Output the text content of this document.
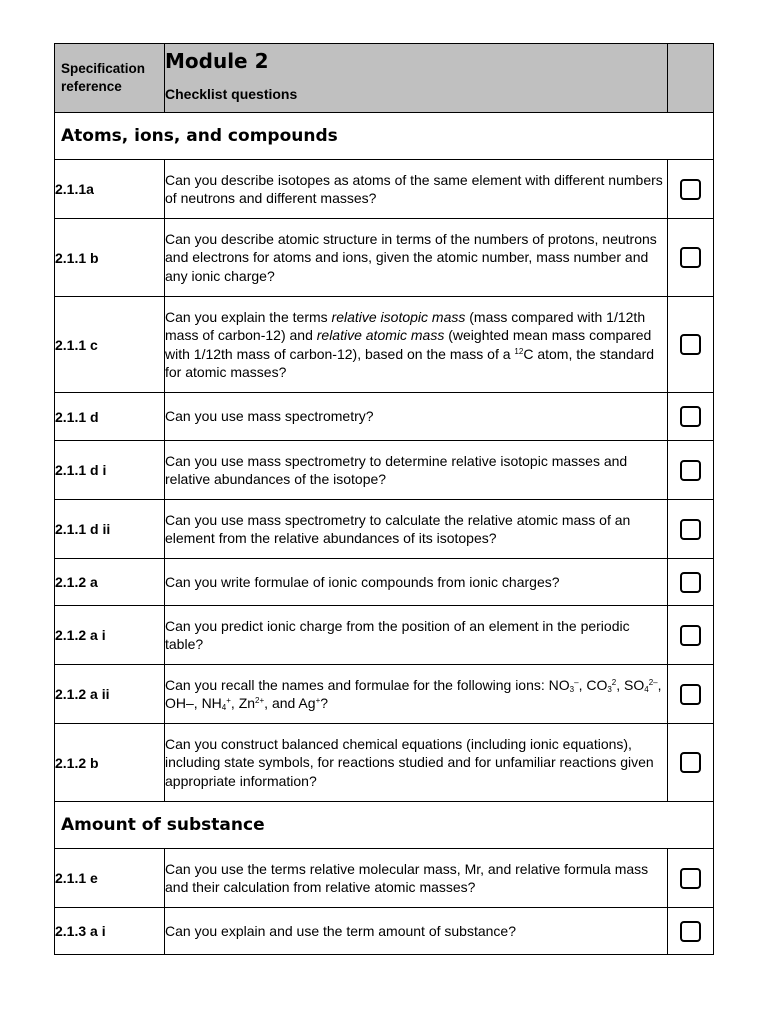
Specification reference	Module 2
Checklist questions	

Atoms, ions, and compounds		
2.1.1a	Can you describe isotopes as atoms of the same element with different numbers of neutrons and different masses?	
2.1.1 b	Can you describe atomic structure in terms of the numbers of protons, neutrons and electrons for atoms and ions, given the atomic number, mass number and any ionic charge?	
2.1.1 c	Can you explain the terms relative isotopic mass (mass compared with 1/12th mass of carbon-12) and relative atomic mass (weighted mean mass compared with 1/12th mass of carbon-12), based on the mass of a $^{12}$C atom, the standard for atomic masses?	
2.1.1 d	Can you use mass spectrometry?	
2.1.1 d i	Can you use mass spectrometry to determine relative isotopic masses and relative abundances of the isotope?	
2.1.1 d ii	Can you use mass spectrometry to calculate the relative atomic mass of an element from the relative abundances of its isotopes?	
2.1.2 a	Can you write formulae of ionic compounds from ionic charges?	
2.1.2 a i	Can you predict ionic charge from the position of an element in the periodic table?	
2.1.2 a ii	Can you recall the names and formulae for the following ions: $NO_3^-$, $CO_3^2$, $SO_4^{2-}$, OH–, $NH_4^+$, $Zn^{2+}$, and Ag+?	
2.1.2 b	Can you construct balanced chemical equations (including ionic equations), including state symbols, for reactions studied and for unfamiliar reactions given appropriate information?	
Amount of substance		
2.1.1 e	Can you use the terms relative molecular mass, Mr, and relative formula mass and their calculation from relative atomic masses?	
2.1.3 a i	Can you explain and use the term amount of substance?	
